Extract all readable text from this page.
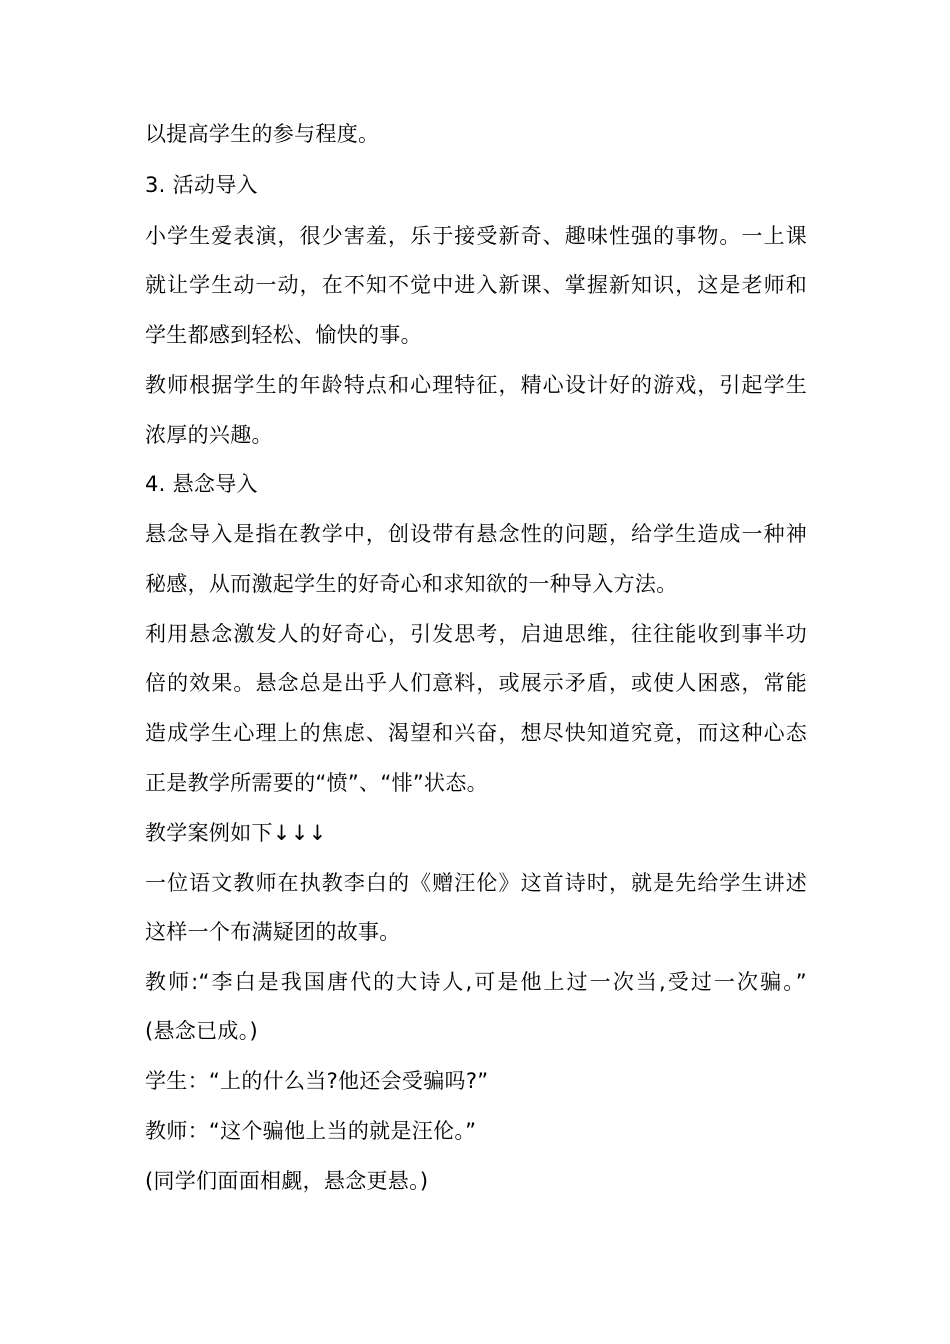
以提高学生的参与程度。
3. 活动导入
小学生爱表演，很少害羞，乐于接受新奇、趣味性强的事物。一上课
就让学生动一动，在不知不觉中进入新课、掌握新知识，这是老师和
学生都感到轻松、愉快的事。
教师根据学生的年龄特点和心理特征，精心设计好的游戏，引起学生
浓厚的兴趣。
4. 悬念导入
悬念导入是指在教学中，创设带有悬念性的问题，给学生造成一种神
秘感，从而激起学生的好奇心和求知欲的一种导入方法。
利用悬念激发人的好奇心，引发思考，启迪思维，往往能收到事半功
倍的效果。悬念总是出乎人们意料，或展示矛盾，或使人困惑，常能
造成学生心理上的焦虑、渴望和兴奋，想尽快知道究竟，而这种心态
正是教学所需要的“愤”、“悱”状态。
教学案例如下↓↓↓
一位语文教师在执教李白的《赠汪伦》这首诗时，就是先给学生讲述
这样一个布满疑团的故事。
教师:“李白是我国唐代的大诗人,可是他上过一次当,受过一次骗。”
(悬念已成。)
学生：“上的什么当?他还会受骗吗?”
教师：“这个骗他上当的就是汪伦。”
(同学们面面相觑，悬念更悬。)
